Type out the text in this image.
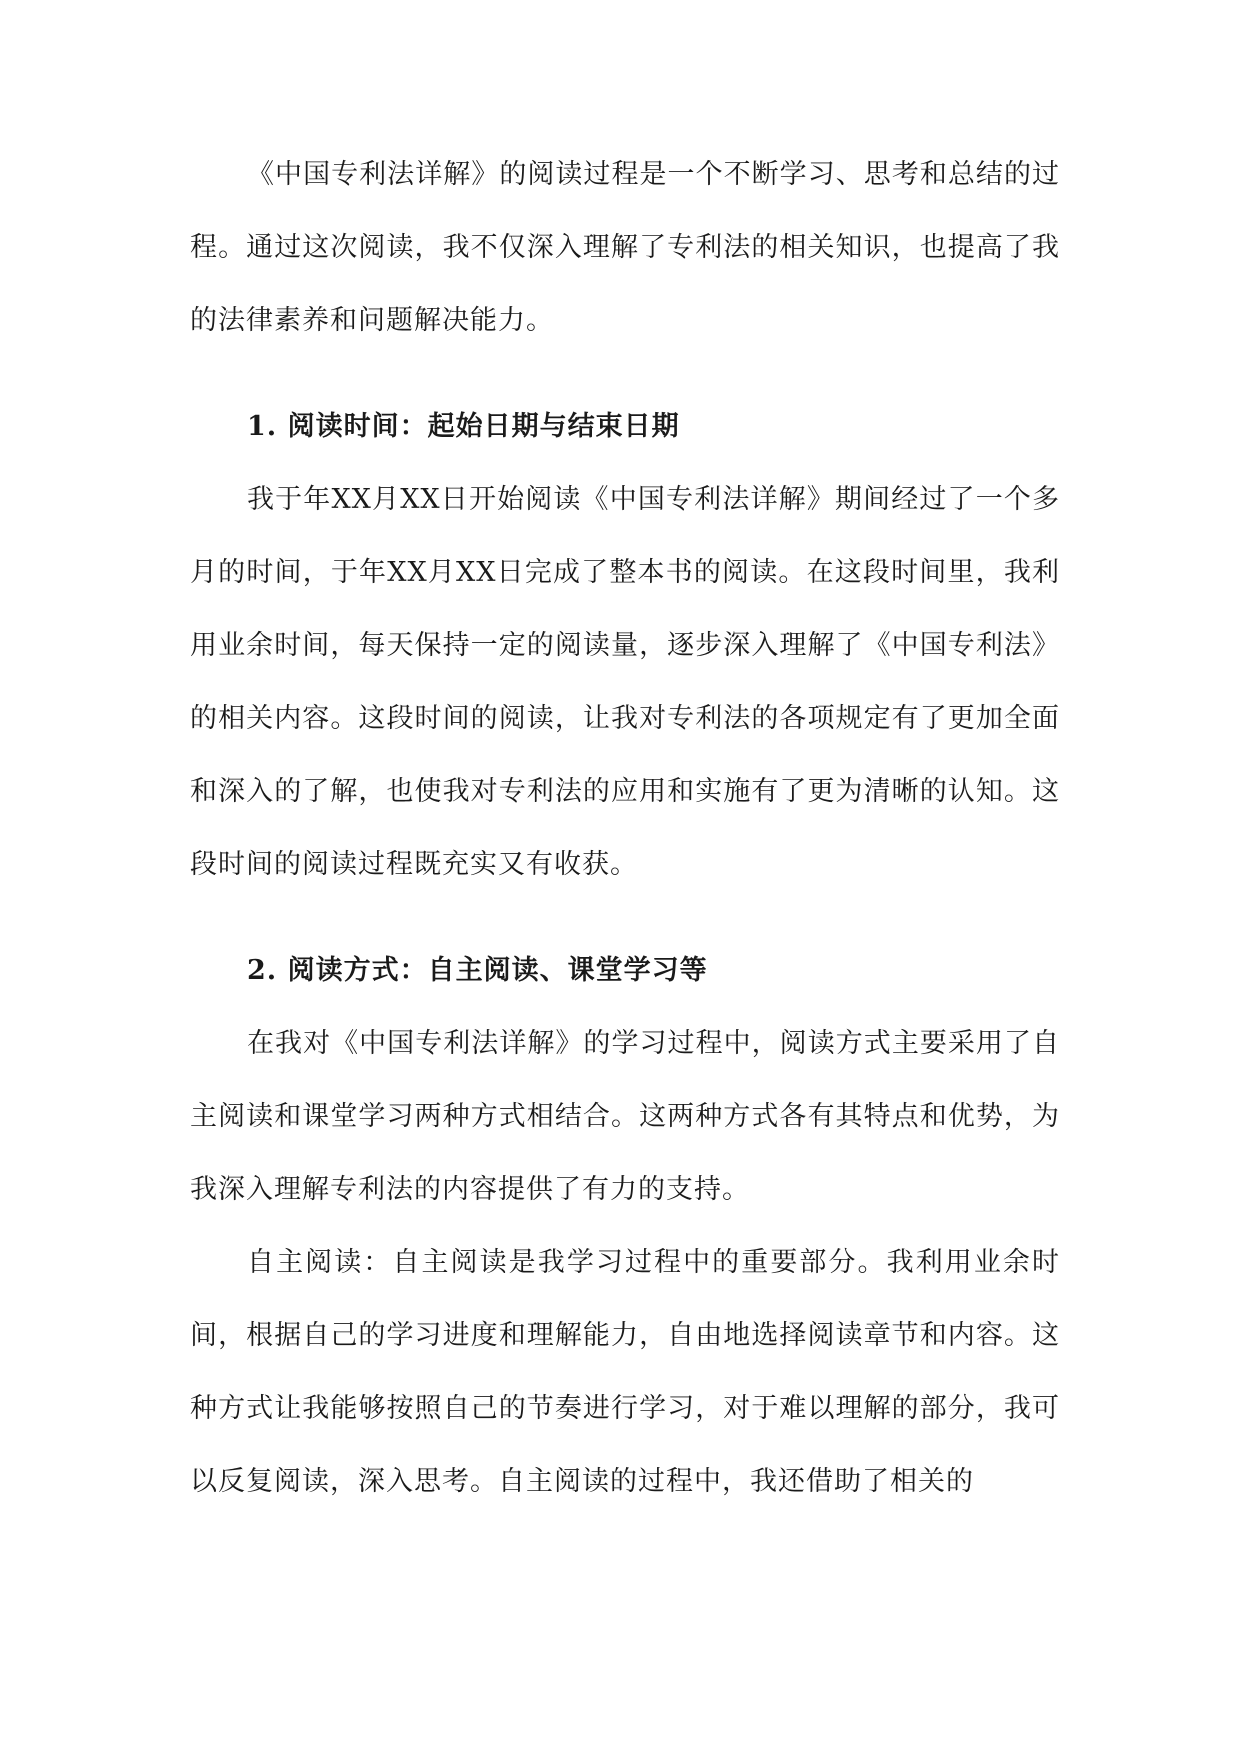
《中国专利法详解》的阅读过程是一个不断学习、思考和总结的过程。通过这次阅读，我不仅深入理解了专利法的相关知识，也提高了我的法律素养和问题解决能力。

1. 阅读时间：起始日期与结束日期

我于年XX月XX日开始阅读《中国专利法详解》期间经过了一个多月的时间，于年XX月XX日完成了整本书的阅读。在这段时间里，我利用业余时间，每天保持一定的阅读量，逐步深入理解了《中国专利法》的相关内容。这段时间的阅读，让我对专利法的各项规定有了更加全面和深入的了解，也使我对专利法的应用和实施有了更为清晰的认知。这段时间的阅读过程既充实又有收获。

2. 阅读方式：自主阅读、课堂学习等

在我对《中国专利法详解》的学习过程中，阅读方式主要采用了自主阅读和课堂学习两种方式相结合。这两种方式各有其特点和优势，为我深入理解专利法的内容提供了有力的支持。

自主阅读：自主阅读是我学习过程中的重要部分。我利用业余时间，根据自己的学习进度和理解能力，自由地选择阅读章节和内容。这种方式让我能够按照自己的节奏进行学习，对于难以理解的部分，我可以反复阅读，深入思考。自主阅读的过程中，我还借助了相关的
